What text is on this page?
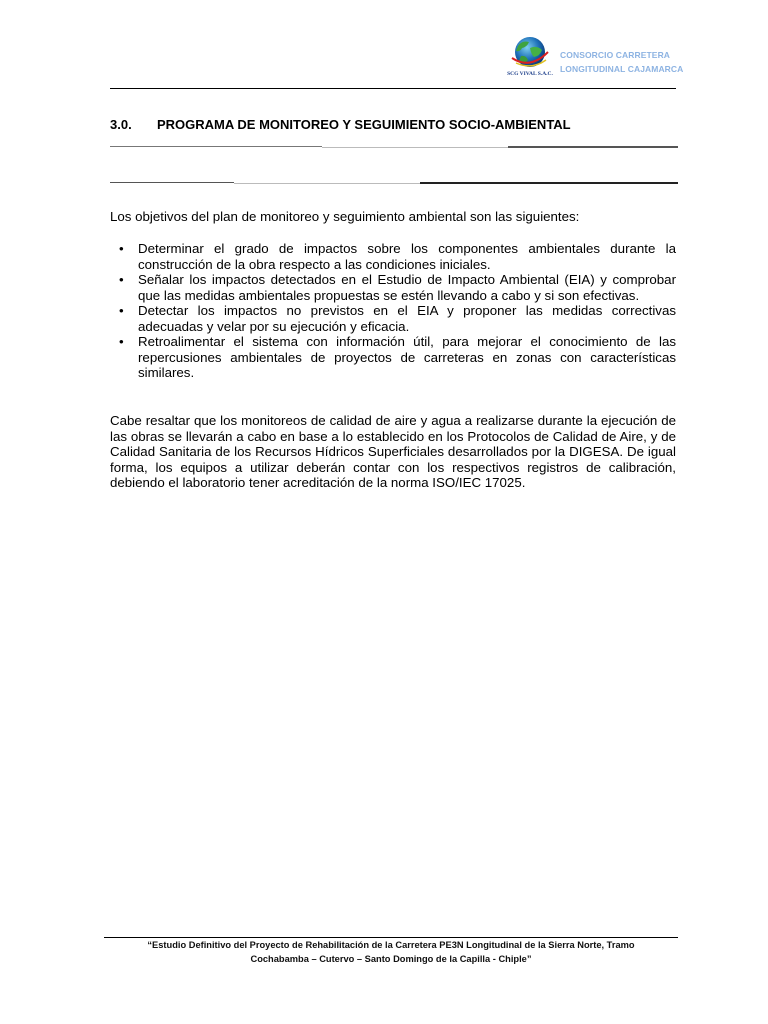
SCG VIVAL S.A.C.
CONSORCIO CARRETERA
LONGITUDINAL CAJAMARCA
3.0. PROGRAMA DE MONITOREO Y SEGUIMIENTO SOCIO-AMBIENTAL
Los objetivos del plan de monitoreo y seguimiento ambiental son las siguientes:
• Determinar el grado de impactos sobre los componentes ambientales durante la construcción de la obra respecto a las condiciones iniciales.
• Señalar los impactos detectados en el Estudio de Impacto Ambiental (EIA) y comprobar que las medidas ambientales propuestas se estén llevando a cabo y si son efectivas.
• Detectar los impactos no previstos en el EIA y proponer las medidas correctivas adecuadas y velar por su ejecución y eficacia.
• Retroalimentar el sistema con información útil, para mejorar el conocimiento de las repercusiones ambientales de proyectos de carreteras en zonas con características similares.

Cabe resaltar que los monitoreos de calidad de aire y agua a realizarse durante la ejecución de las obras se llevarán a cabo en base a lo establecido en los Protocolos de Calidad de Aire, y de Calidad Sanitaria de los Recursos Hídricos Superficiales desarrollados por la DIGESA. De igual forma, los equipos a utilizar deberán contar con los respectivos registros de calibración, debiendo el laboratorio tener acreditación de la norma ISO/IEC 17025.

“Estudio Definitivo del Proyecto de Rehabilitación de la Carretera PE3N Longitudinal de la Sierra Norte, Tramo
Cochabamba – Cutervo – Santo Domingo de la Capilla - Chiple”
